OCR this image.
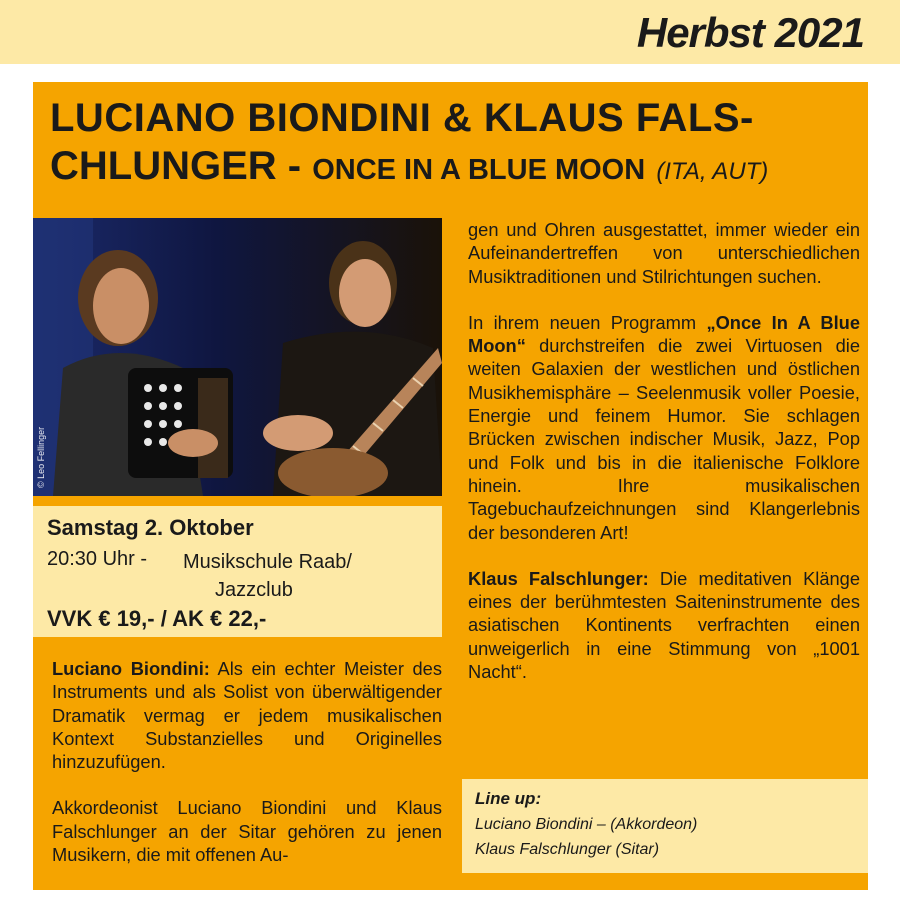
Herbst 2021
LUCIANO BIONDINI & KLAUS FALS-
CHLUNGER - ONCE IN A BLUE MOON (ITA, AUT)
© Leo Fellinger
Samstag 2. Oktober
20:30 Uhr - Musikschule Raab/
Jazzclub
VVK € 19,- / AK € 22,-

Luciano Biondini: Als ein echter Meister des Instruments und als Solist von überwältigender Dramatik vermag er jedem musikalischen Kontext Substanzielles und Originelles hinzuzufügen.

Akkordeonist Luciano Biondini und Klaus Falschlunger an der Sitar gehören zu jenen Musikern, die mit offenen Au-

gen und Ohren ausgestattet, immer wieder ein Aufeinandertreffen von unterschiedlichen Musiktraditionen und Stilrichtungen suchen.

In ihrem neuen Programm „Once In A Blue Moon“ durchstreifen die zwei Virtuosen die weiten Galaxien der westlichen und östlichen Musikhemisphäre – Seelenmusik voller Poesie, Energie und feinem Humor. Sie schlagen Brücken zwischen indischer Musik, Jazz, Pop und Folk und bis in die italienische Folklore hinein. Ihre musikalischen Tagebuchaufzeichnungen sind Klangerlebnis der besonderen Art!

Klaus Falschlunger: Die meditativen Klänge eines der berühmtesten Saiteninstrumente des asiatischen Kontinents verfrachten einen unweigerlich in eine Stimmung von „1001 Nacht“.

Line up:
Luciano Biondini – (Akkordeon)
Klaus Falschlunger (Sitar)
